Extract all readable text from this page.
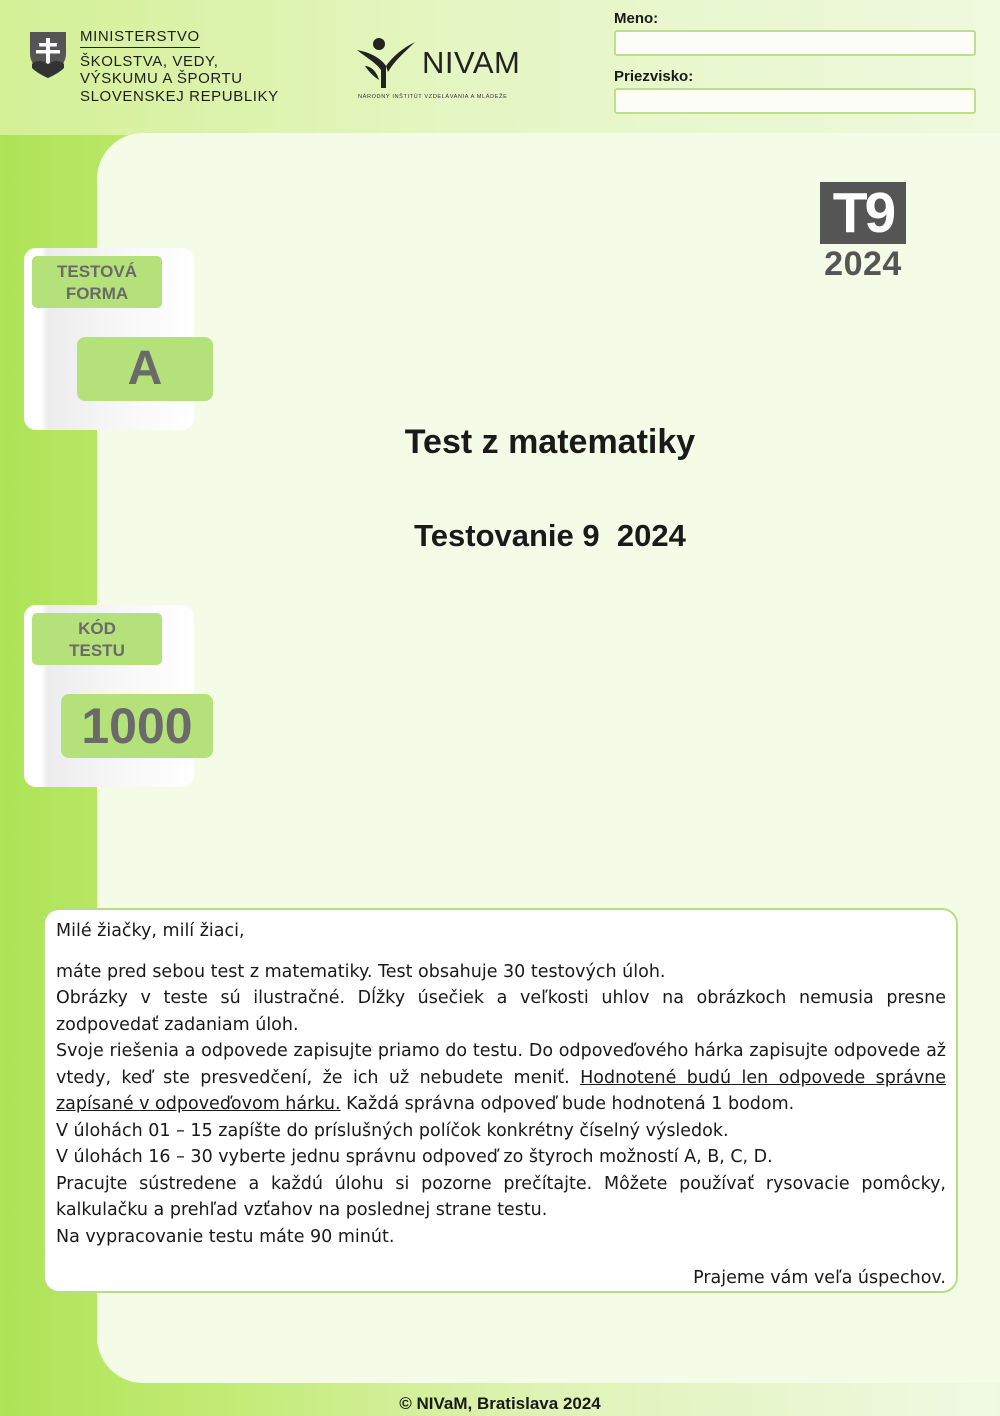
MINISTERSTVO
ŠKOLSTVA, VEDY,
VÝSKUMU A ŠPORTU
SLOVENSKEJ REPUBLIKY
NIVAM
NÁRODNÝ INŠTITÚT VZDELÁVANIA A MLÁDEŽE
Meno:
Priezvisko:
T9
2024
TESTOVÁ
FORMA
A
KÓD
TESTU
1000
Test z matematiky
Testovanie 9  2024

Milé žiačky, milí žiaci,

máte pred sebou test z matematiky. Test obsahuje 30 testových úloh.

Obrázky v teste sú ilustračné. Dĺžky úsečiek a veľkosti uhlov na obrázkoch nemusia presne zodpovedať zadaniam úloh.

Svoje riešenia a odpovede zapisujte priamo do testu. Do odpoveďového hárka zapisujte odpovede až vtedy, keď ste presvedčení, že ich už nebudete meniť. Hodnotené budú len odpovede správne zapísané v odpoveďovom hárku. Každá správna odpoveď bude hodnotená 1 bodom.

V úlohách 01 – 15 zapíšte do príslušných políčok konkrétny číselný výsledok.

V úlohách 16 – 30 vyberte jednu správnu odpoveď zo štyroch možností A, B, C, D.

Pracujte sústredene a každú úlohu si pozorne prečítajte. Môžete používať rysovacie pomôcky, kalkulačku a prehľad vzťahov na poslednej strane testu.

Na vypracovanie testu máte 90 minút.

Prajeme vám veľa úspechov.

© NIVaM, Bratislava 2024
